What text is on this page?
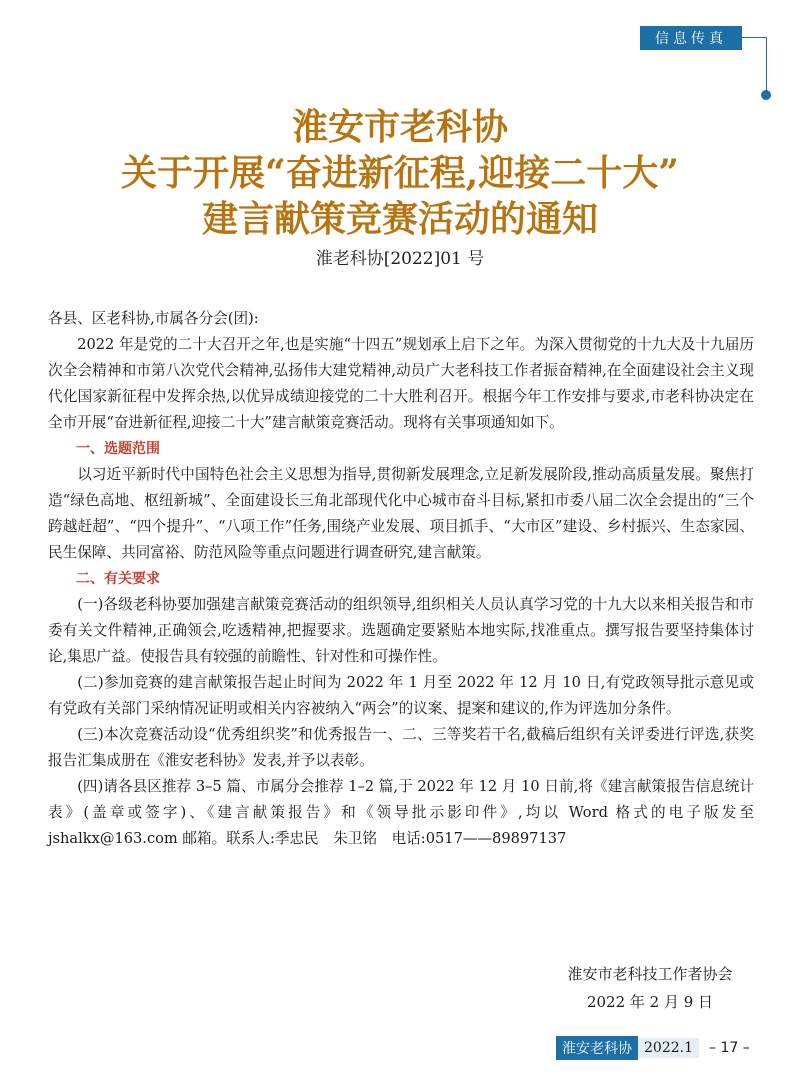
信息传真
淮安市老科协
关于开展“奋进新征程,迎接二十大”
建言献策竞赛活动的通知
淮老科协[2022]01 号

各县、区老科协,市属各分会(团):

2022 年是党的二十大召开之年,也是实施“十四五”规划承上启下之年。为深入贯彻党的十九大及十九届历次全会精神和市第八次党代会精神,弘扬伟大建党精神,动员广大老科技工作者振奋精神,在全面建设社会主义现代化国家新征程中发挥余热,以优异成绩迎接党的二十大胜利召开。根据今年工作安排与要求,市老科协决定在全市开展“奋进新征程,迎接二十大”建言献策竞赛活动。现将有关事项通知如下。

一、选题范围

以习近平新时代中国特色社会主义思想为指导,贯彻新发展理念,立足新发展阶段,推动高质量发展。聚焦打造“绿色高地、枢纽新城”、全面建设长三角北部现代化中心城市奋斗目标,紧扣市委八届二次全会提出的“三个跨越赶超”、“四个提升”、“八项工作”任务,围绕产业发展、项目抓手、“大市区”建设、乡村振兴、生态家园、民生保障、共同富裕、防范风险等重点问题进行调查研究,建言献策。

二、有关要求

(一)各级老科协要加强建言献策竞赛活动的组织领导,组织相关人员认真学习党的十九大以来相关报告和市委有关文件精神,正确领会,吃透精神,把握要求。选题确定要紧贴本地实际,找准重点。撰写报告要坚持集体讨论,集思广益。使报告具有较强的前瞻性、针对性和可操作性。

(二)参加竞赛的建言献策报告起止时间为 2022 年 1 月至 2022 年 12 月 10 日,有党政领导批示意见或有党政有关部门采纳情况证明或相关内容被纳入“两会”的议案、提案和建议的,作为评选加分条件。

(三)本次竞赛活动设“优秀组织奖”和优秀报告一、二、三等奖若干名,截稿后组织有关评委进行评选,获奖报告汇集成册在《淮安老科协》发表,并予以表彰。

(四)请各县区推荐 3–5 篇、市属分会推荐 1–2 篇,于 2022 年 12 月 10 日前,将《建言献策报告信息统计表》(盖章或签字)、《建言献策报告》和《领导批示影印件》,均以 Word 格式的电子版发至 jshalkx@163.com 邮箱。联系人:季忠民　朱卫铭　电话:0517——89897137

淮安市老科技工作者协会
2022 年 2 月 9 日
淮安老科协 2022.1	– 17 –
